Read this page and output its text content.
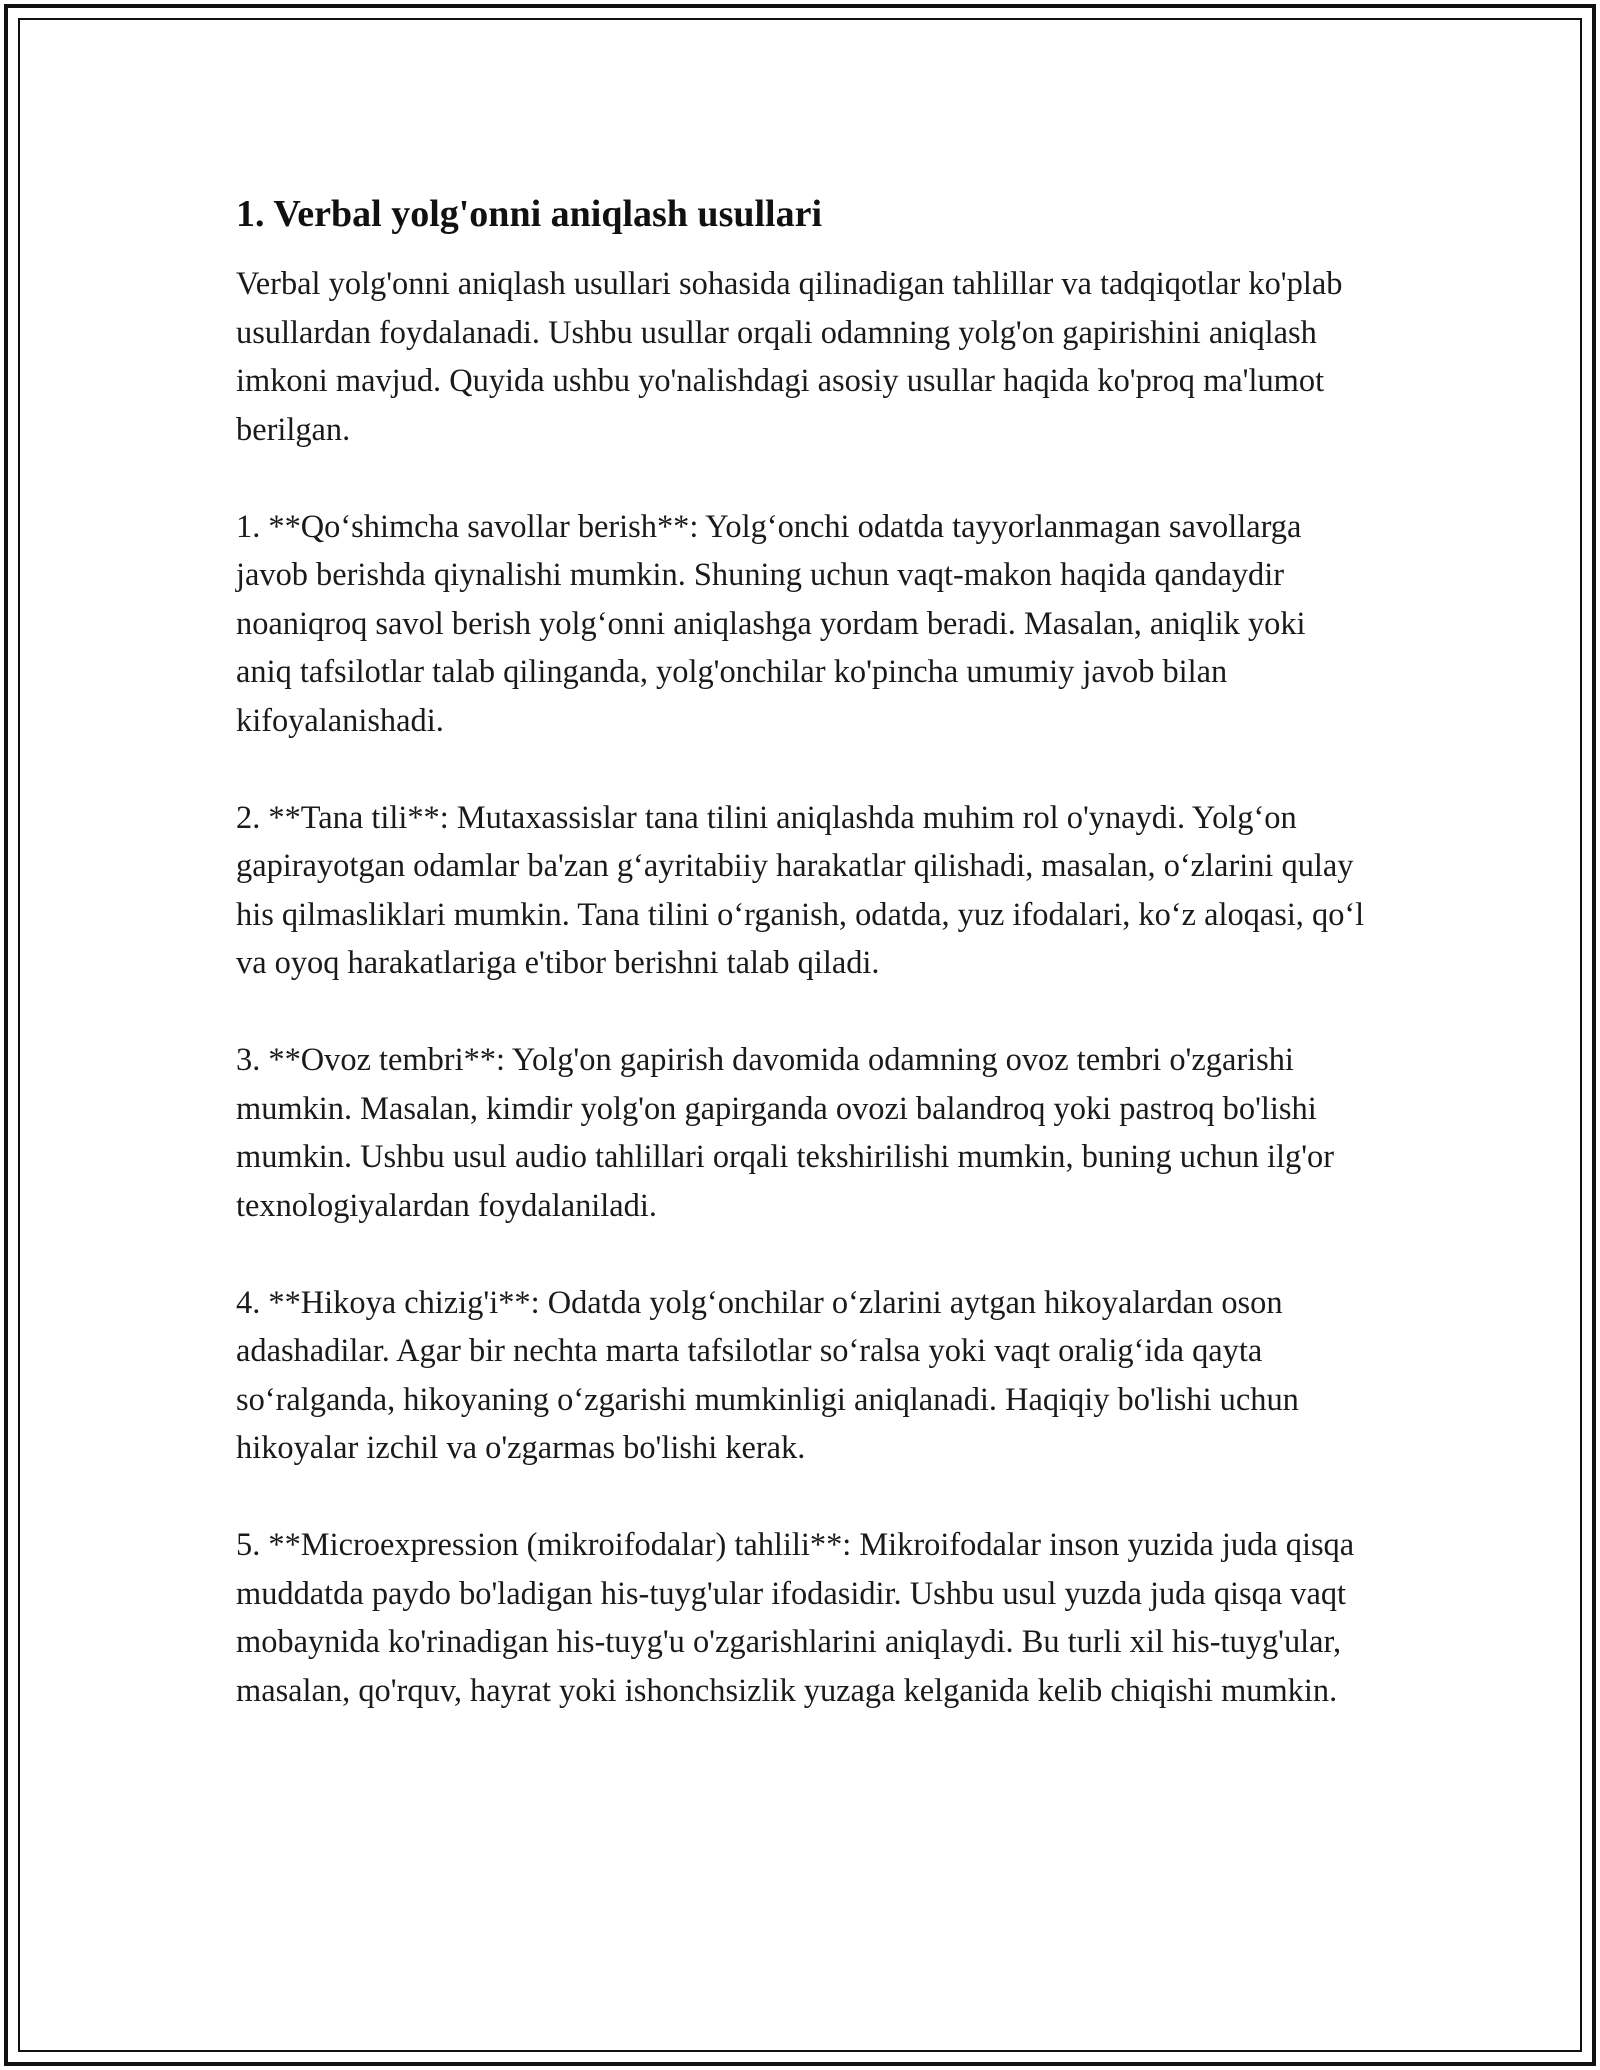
1. Verbal yolg'onni aniqlash usullari

Verbal yolg'onni aniqlash usullari sohasida qilinadigan tahlillar va tadqiqotlar ko'plab usullardan foydalanadi. Ushbu usullar orqali odamning yolg'on gapirishini aniqlash imkoni mavjud. Quyida ushbu yo'nalishdagi asosiy usullar haqida ko'proq ma'lumot berilgan.

1. **Qo‘shimcha savollar berish**: Yolg‘onchi odatda tayyorlanmagan savollarga javob berishda qiynalishi mumkin. Shuning uchun vaqt-makon haqida qandaydir noaniqroq savol berish yolg‘onni aniqlashga yordam beradi. Masalan, aniqlik yoki aniq tafsilotlar talab qilinganda, yolg'onchilar ko'pincha umumiy javob bilan kifoyalanishadi.

2. **Tana tili**: Mutaxassislar tana tilini aniqlashda muhim rol o'ynaydi. Yolg‘on gapirayotgan odamlar ba'zan g‘ayritabiiy harakatlar qilishadi, masalan, o‘zlarini qulay his qilmasliklari mumkin. Tana tilini o‘rganish, odatda, yuz ifodalari, ko‘z aloqasi, qo‘l va oyoq harakatlariga e'tibor berishni talab qiladi.

3. **Ovoz tembri**: Yolg'on gapirish davomida odamning ovoz tembri o'zgarishi mumkin. Masalan, kimdir yolg'on gapirganda ovozi balandroq yoki pastroq bo'lishi mumkin. Ushbu usul audio tahlillari orqali tekshirilishi mumkin, buning uchun ilg'or texnologiyalardan foydalaniladi.

4. **Hikoya chizig'i**: Odatda yolg‘onchilar o‘zlarini aytgan hikoyalardan oson adashadilar. Agar bir nechta marta tafsilotlar so‘ralsa yoki vaqt oralig‘ida qayta so‘ralganda, hikoyaning o‘zgarishi mumkinligi aniqlanadi. Haqiqiy bo'lishi uchun hikoyalar izchil va o'zgarmas bo'lishi kerak.

5. **Microexpression (mikroifodalar) tahlili**: Mikroifodalar inson yuzida juda qisqa muddatda paydo bo'ladigan his-tuyg'ular ifodasidir. Ushbu usul yuzda juda qisqa vaqt mobaynida ko'rinadigan his-tuyg'u o'zgarishlarini aniqlaydi. Bu turli xil his-tuyg'ular, masalan, qo'rquv, hayrat yoki ishonchsizlik yuzaga kelganida kelib chiqishi mumkin.
